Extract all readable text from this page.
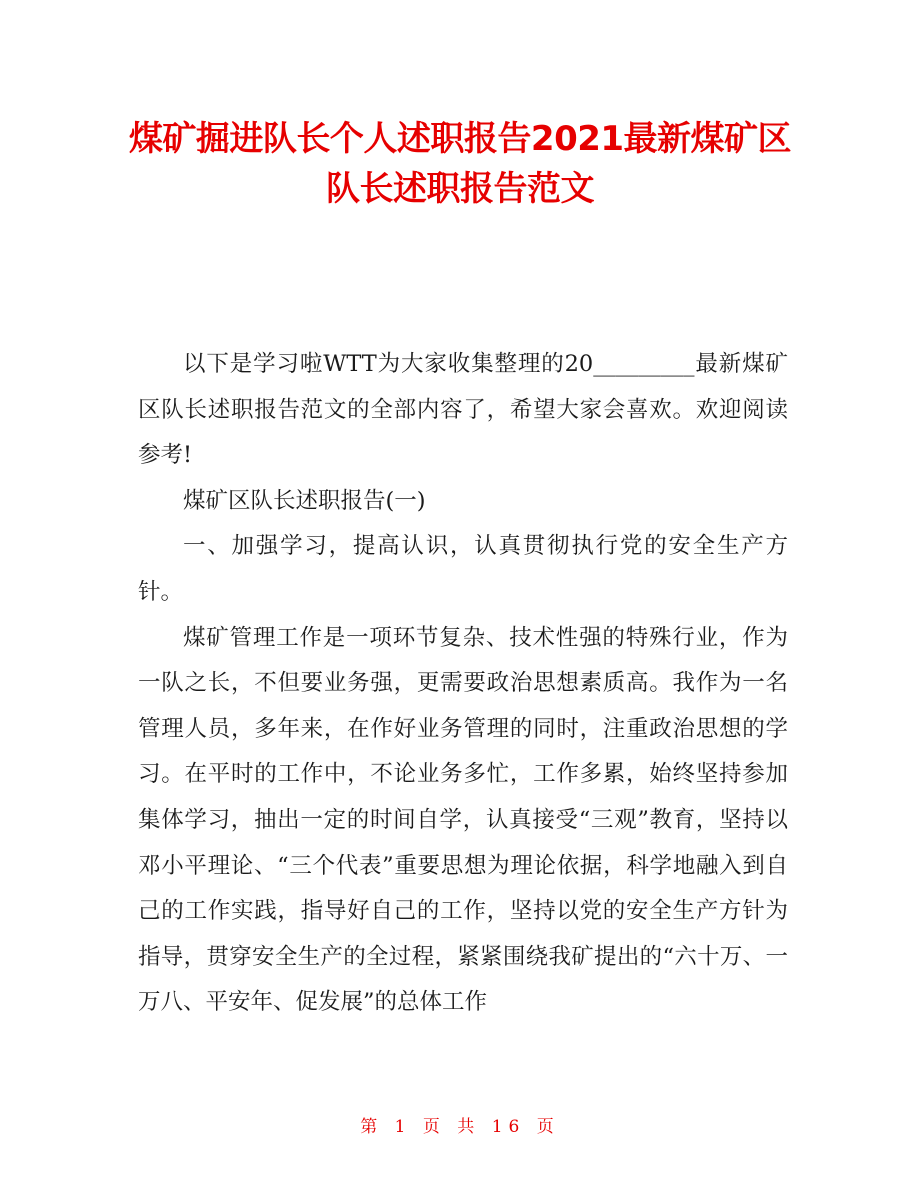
煤矿掘进队长个人述职报告2021最新煤矿区队长述职报告范文

以下是学习啦WTT为大家收集整理的20_________最新煤矿区队长述职报告范文的全部内容了，希望大家会喜欢。欢迎阅读参考!

煤矿区队长述职报告(一)

一、加强学习，提高认识，认真贯彻执行党的安全生产方针。

煤矿管理工作是一项环节复杂、技术性强的特殊行业，作为一队之长，不但要业务强，更需要政治思想素质高。我作为一名管理人员，多年来，在作好业务管理的同时，注重政治思想的学习。在平时的工作中，不论业务多忙，工作多累，始终坚持参加集体学习，抽出一定的时间自学，认真接受“三观”教育，坚持以邓小平理论、“三个代表”重要思想为理论依据，科学地融入到自己的工作实践，指导好自己的工作，坚持以党的安全生产方针为指导，贯穿安全生产的全过程，紧紧围绕我矿提出的“六十万、一万八、平安年、促发展”的总体工作

第 1 页 共 16 页
